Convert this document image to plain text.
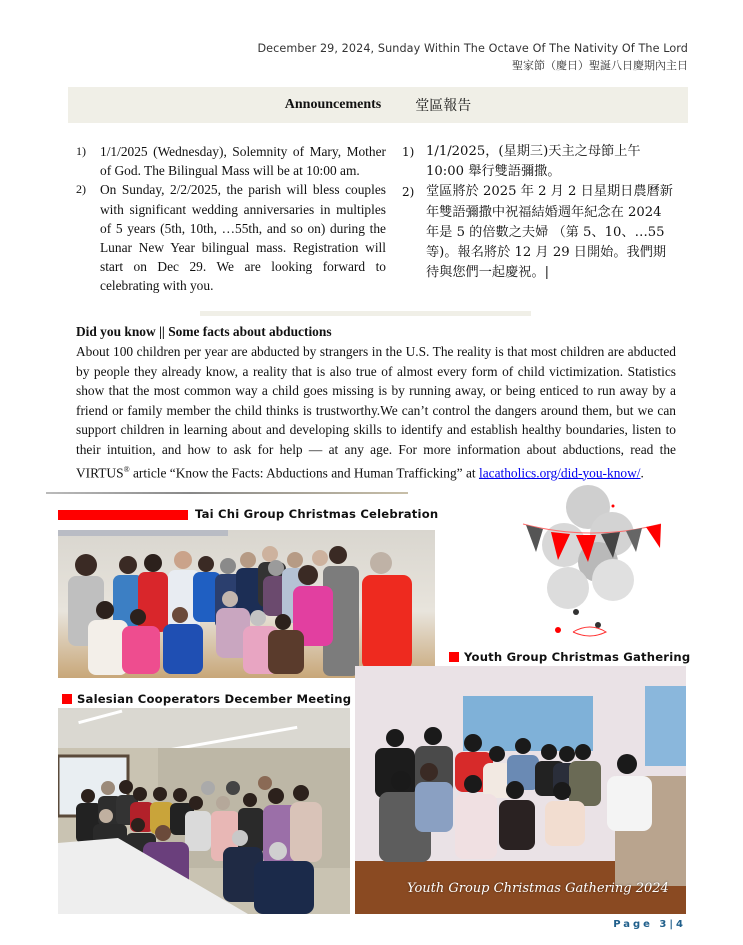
December 29, 2024, Sunday Within The Octave Of The Nativity Of The Lord
聖家節（慶日）聖誕八日慶期內主日
Announcements 堂區報告
1)	1/1/2025 (Wednesday), Solemnity of Mary, Mother of God. The Bilingual Mass will be at 10:00 am.
2)	On Sunday, 2/2/2025, the parish will bless couples with significant wedding anniversaries in multiples of 5 years (5th, 10th, …55th, and so on) during the Lunar New Year bilingual mass. Registration will start on Dec 29. We are looking forward to celebrating with you.
1) 1/1/2025，(星期三)天主之母節上午 10:00 舉行雙語彌撒。
2) 堂區將於 2025 年 2 月 2 日星期日農曆新年雙語彌撒中祝福結婚週年紀念在 2024 年是 5 的倍數之夫婦 （第 5、10、…55 等)。報名將於 12 月 29 日開始。我們期待與您們一起慶祝。|
Did you know || Some facts about abductions
About 100 children per year are abducted by strangers in the U.S. The reality is that most children are abducted by people they already know, a reality that is also true of almost every form of child victimization. Statistics show that the most common way a child goes missing is by running away, or being enticed to run away by a friend or family member the child thinks is trustworthy.We can’t control the dangers around them, but we can support children in learning about and developing skills to identify and establish healthy boundaries, listen to their intuition, and how to ask for help — at any age. For more information about abductions, read the VIRTUS® article “Know the Facts: Abductions and Human Trafficking” at lacatholics.org/did-you-know/.
Tai Chi Group Christmas Celebration
Youth Group Christmas Gathering
Salesian Cooperators December Meeting
Youth Group Christmas Gathering 2024
Page 3|4
